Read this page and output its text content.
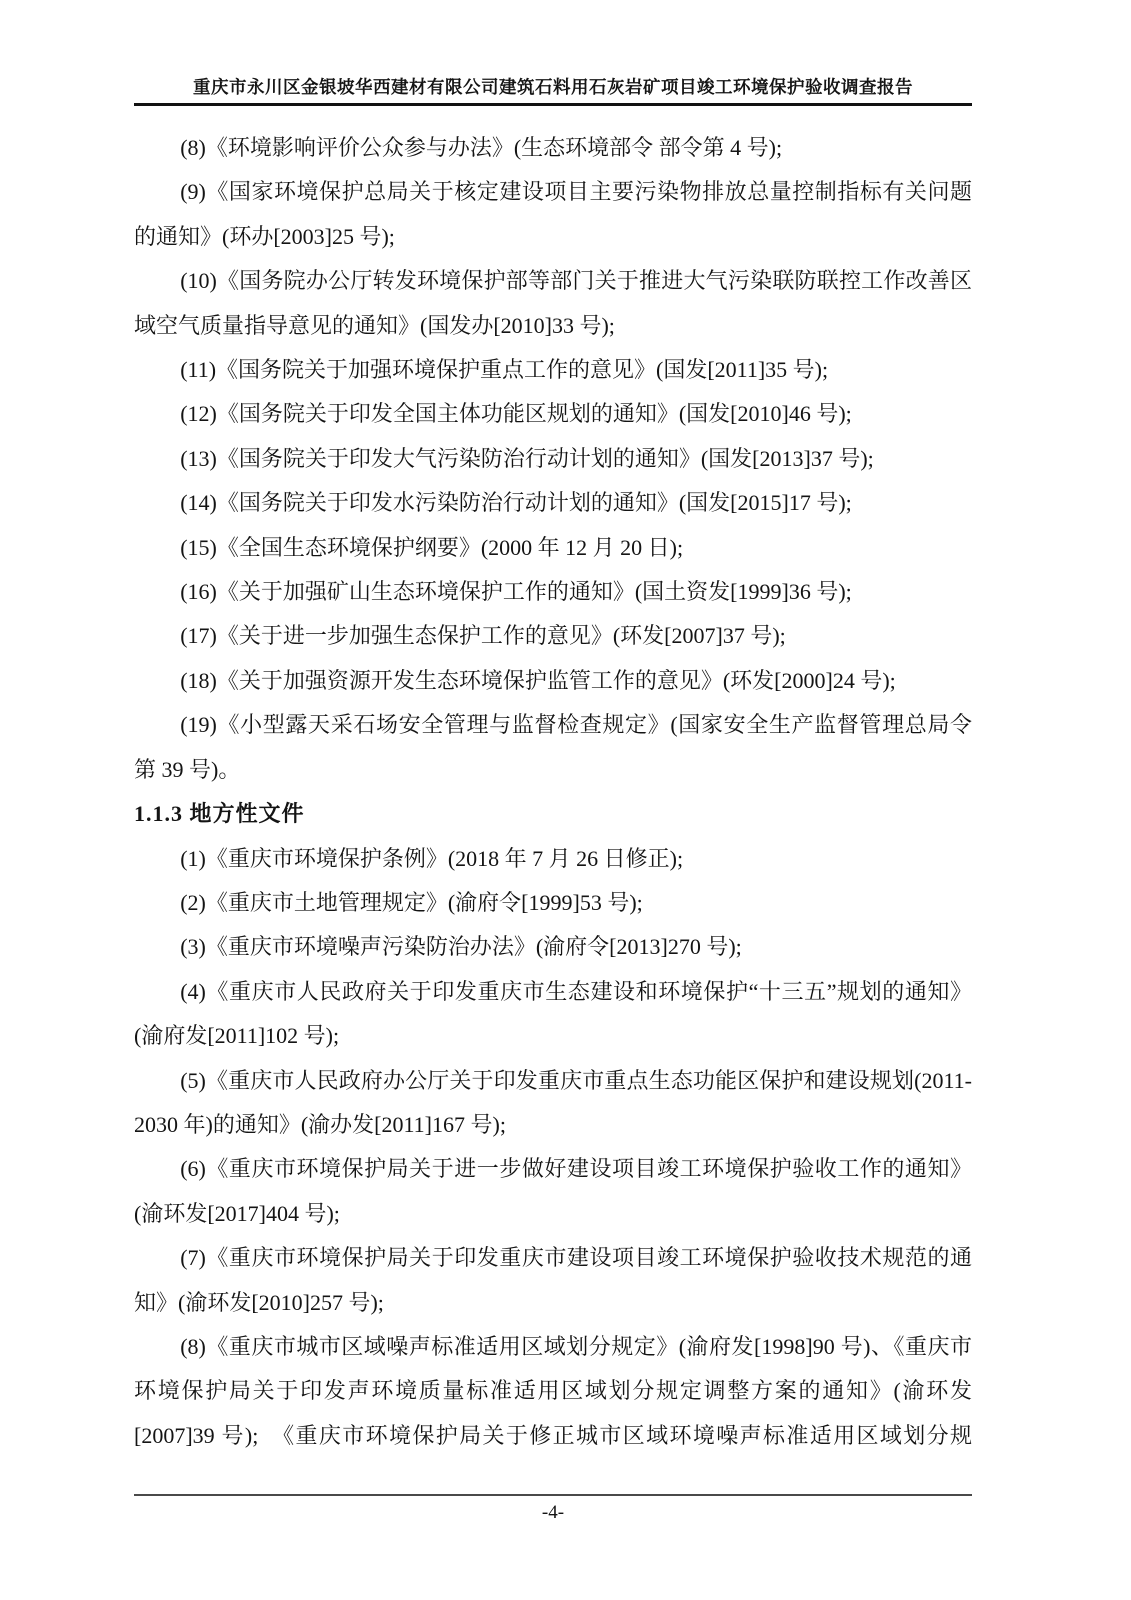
重庆市永川区金银坡华西建材有限公司建筑石料用石灰岩矿项目竣工环境保护验收调查报告

(8)《环境影响评价公众参与办法》(生态环境部令 部令第 4 号);

(9)《国家环境保护总局关于核定建设项目主要污染物排放总量控制指标有关问题的通知》(环办[2003]25 号);

(10)《国务院办公厅转发环境保护部等部门关于推进大气污染联防联控工作改善区域空气质量指导意见的通知》(国发办[2010]33 号);

(11)《国务院关于加强环境保护重点工作的意见》(国发[2011]35 号);

(12)《国务院关于印发全国主体功能区规划的通知》(国发[2010]46 号);

(13)《国务院关于印发大气污染防治行动计划的通知》(国发[2013]37 号);

(14)《国务院关于印发水污染防治行动计划的通知》(国发[2015]17 号);

(15)《全国生态环境保护纲要》(2000 年 12 月 20 日);

(16)《关于加强矿山生态环境保护工作的通知》(国土资发[1999]36 号);

(17)《关于进一步加强生态保护工作的意见》(环发[2007]37 号);

(18)《关于加强资源开发生态环境保护监管工作的意见》(环发[2000]24 号);

(19)《小型露天采石场安全管理与监督检查规定》(国家安全生产监督管理总局令第 39 号)。

1.1.3 地方性文件

(1)《重庆市环境保护条例》(2018 年 7 月 26 日修正);

(2)《重庆市土地管理规定》(渝府令[1999]53 号);

(3)《重庆市环境噪声污染防治办法》(渝府令[2013]270 号);

(4)《重庆市人民政府关于印发重庆市生态建设和环境保护“十三五”规划的通知》(渝府发[2011]102 号);

(5)《重庆市人民政府办公厅关于印发重庆市重点生态功能区保护和建设规划(2011-2030 年)的通知》(渝办发[2011]167 号);

(6)《重庆市环境保护局关于进一步做好建设项目竣工环境保护验收工作的通知》(渝环发[2017]404 号);

(7)《重庆市环境保护局关于印发重庆市建设项目竣工环境保护验收技术规范的通知》(渝环发[2010]257 号);

(8)《重庆市城市区域噪声标准适用区域划分规定》(渝府发[1998]90 号)、《重庆市环境保护局关于印发声环境质量标准适用区域划分规定调整方案的通知》(渝环发[2007]39 号);　《重庆市环境保护局关于修正城市区域环境噪声标准适用区域划分规

-4-
